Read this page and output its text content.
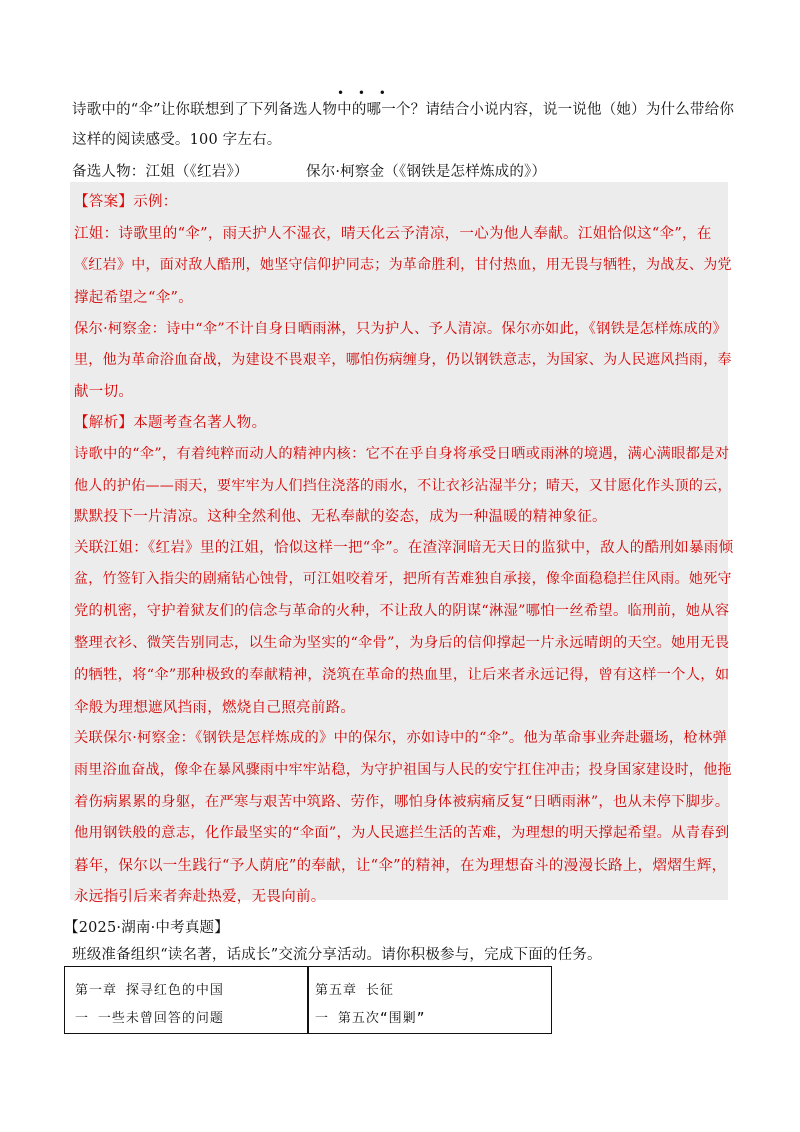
诗歌中的“伞”让你联想到了下列备选人物中的哪一个？请结合小说内容，说一说他（她）为什么带给你
• • •
这样的阅读感受。100 字左右。
备选人物：江姐（《红岩》）	保尔·柯察金（《钢铁是怎样炼成的》）
【答案】示例：
江姐：诗歌里的“伞”，雨天护人不湿衣，晴天化云予清凉，一心为他人奉献。江姐恰似这“伞”，在
《红岩》中，面对敌人酷刑，她坚守信仰护同志；为革命胜利，甘付热血，用无畏与牺牲，为战友、为党
撑起希望之“伞”。
保尔·柯察金：诗中“伞”不计自身日晒雨淋，只为护人、予人清凉。保尔亦如此，《钢铁是怎样炼成的》
里，他为革命浴血奋战，为建设不畏艰辛，哪怕伤病缠身，仍以钢铁意志，为国家、为人民遮风挡雨，奉
献一切。
【解析】本题考查名著人物。
诗歌中的“伞”，有着纯粹而动人的精神内核：它不在乎自身将承受日晒或雨淋的境遇，满心满眼都是对
他人的护佑——雨天，要牢牢为人们挡住浇落的雨水，不让衣衫沾湿半分；晴天，又甘愿化作头顶的云，
默默投下一片清凉。这种全然利他、无私奉献的姿态，成为一种温暖的精神象征。
关联江姐：《红岩》里的江姐，恰似这样一把“伞”。在渣滓洞暗无天日的监狱中，敌人的酷刑如暴雨倾
盆，竹签钉入指尖的剧痛钻心蚀骨，可江姐咬着牙，把所有苦难独自承接，像伞面稳稳拦住风雨。她死守
党的机密，守护着狱友们的信念与革命的火种，不让敌人的阴谋“淋湿”哪怕一丝希望。临刑前，她从容
整理衣衫、微笑告别同志，以生命为坚实的“伞骨”，为身后的信仰撑起一片永远晴朗的天空。她用无畏
的牺牲，将“伞”那种极致的奉献精神，浇筑在革命的热血里，让后来者永远记得，曾有这样一个人，如
伞般为理想遮风挡雨，燃烧自己照亮前路。
关联保尔·柯察金：《钢铁是怎样炼成的》中的保尔，亦如诗中的“伞”。他为革命事业奔赴疆场，枪林弹
雨里浴血奋战，像伞在暴风骤雨中牢牢站稳，为守护祖国与人民的安宁扛住冲击；投身国家建设时，他拖
着伤病累累的身躯，在严寒与艰苦中筑路、劳作，哪怕身体被病痛反复“日晒雨淋”，也从未停下脚步。
他用钢铁般的意志，化作最坚实的“伞面”，为人民遮拦生活的苦难，为理想的明天撑起希望。从青春到
暮年，保尔以一生践行“予人荫庇”的奉献，让“伞”的精神，在为理想奋斗的漫漫长路上，熠熠生辉，
永远指引后来者奔赴热爱，无畏向前。
【2025·湖南·中考真题】
班级准备组织“读名著，话成长”交流分享活动。请你积极参与，完成下面的任务。
第一章 探寻红色的中国
一 一些未曾回答的问题
第五章 长征
一 第五次“围剿”
